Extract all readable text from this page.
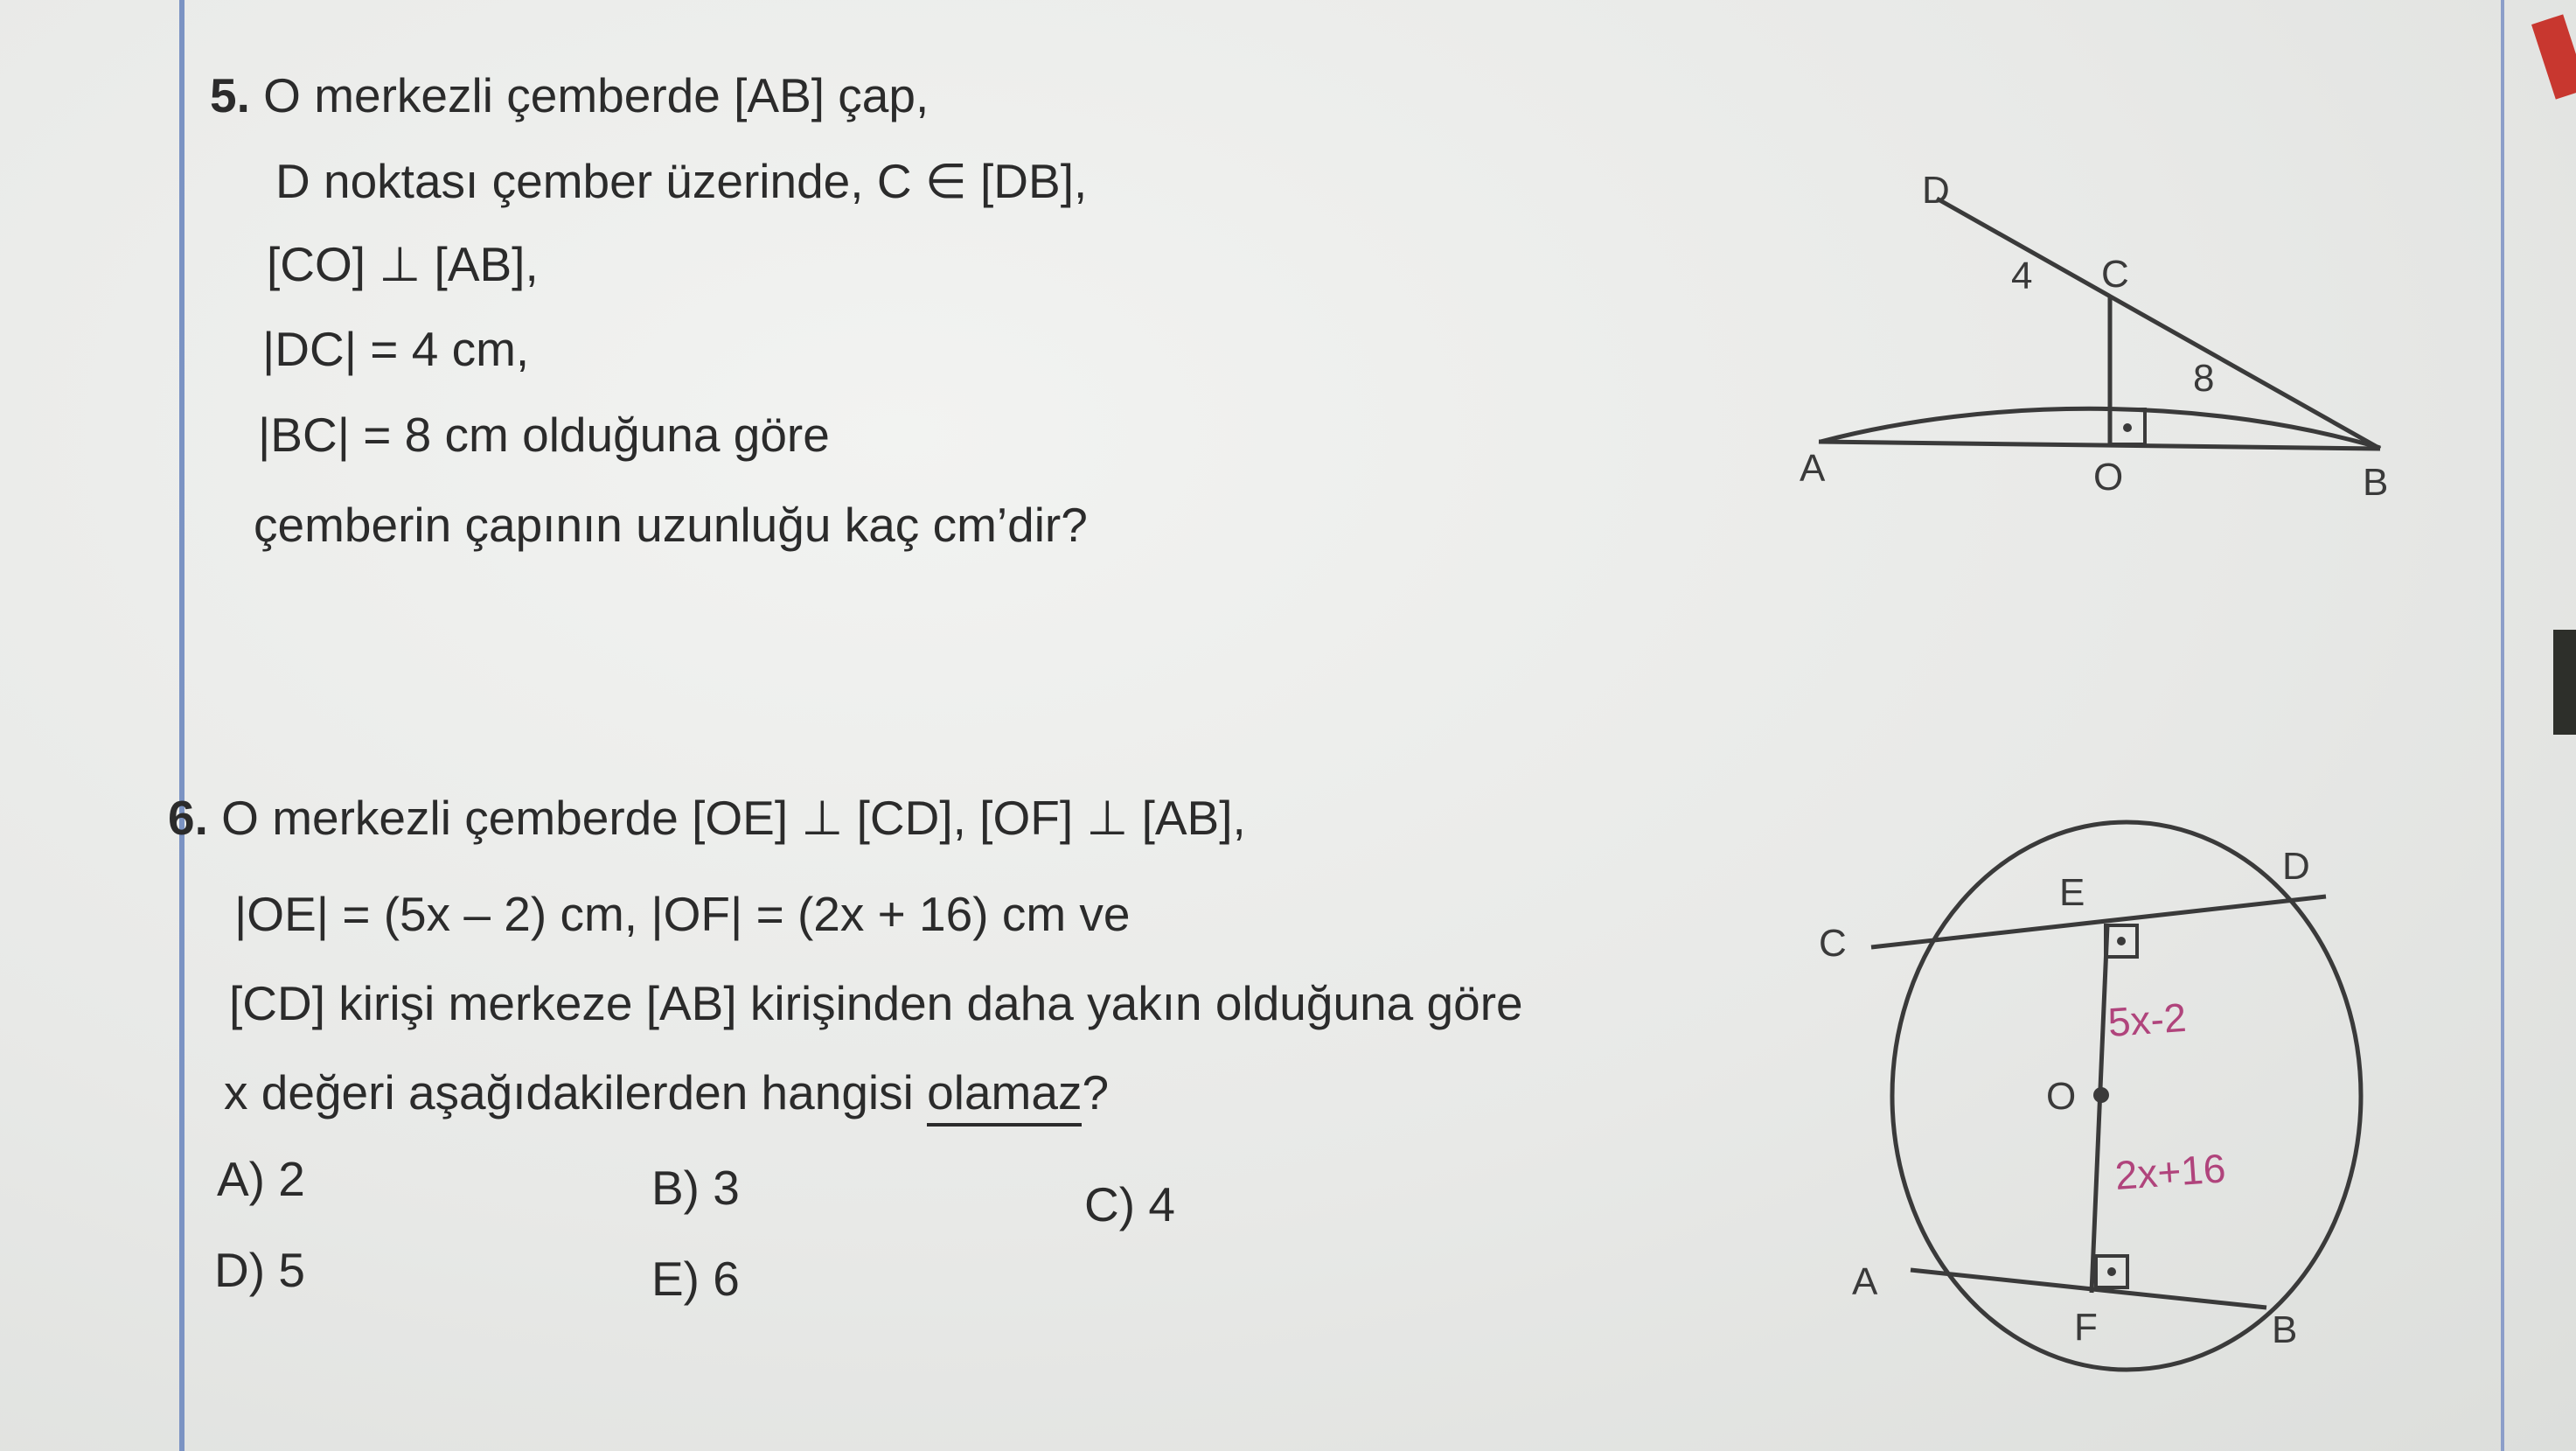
5. O merkezli çemberde [AB] çap,
D noktası çember üzerinde, C ∈ [DB],
[CO] ⊥ [AB],
|DC| = 4 cm,
|BC| = 8 cm olduğuna göre
çemberin çapının uzunluğu kaç cm’dir?
6. O merkezli çemberde [OE] ⊥ [CD], [OF] ⊥ [AB],
|OE| = (5x – 2) cm, |OF| = (2x + 16) cm ve
[CD] kirişi merkeze [AB] kirişinden daha yakın olduğuna göre
x değeri aşağıdakilerden hangisi olamaz?
A) 2	B) 3	C) 4
D) 5	E) 6
D
C
4
8
A	O	B
E
D
C
O
A
F	B
5x-2
2x+16
